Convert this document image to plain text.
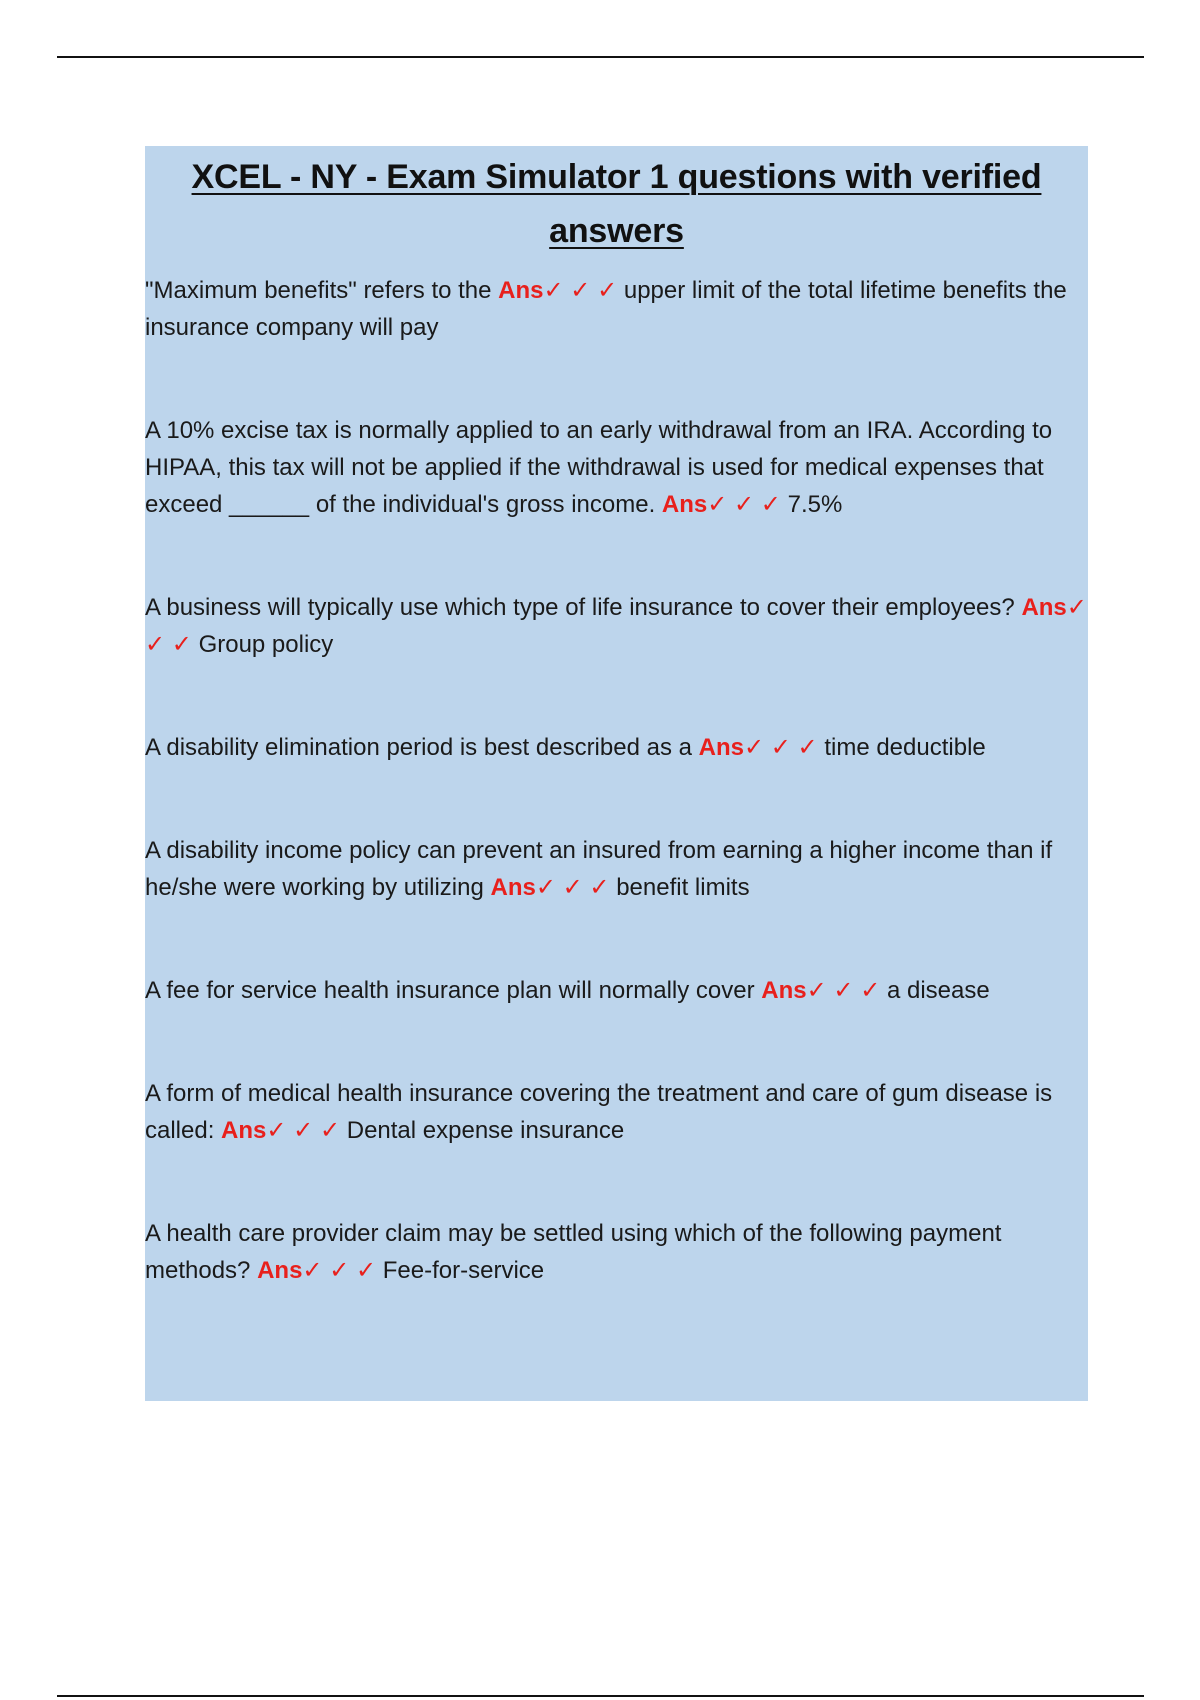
XCEL - NY - Exam Simulator 1 questions with verified answers
"Maximum benefits" refers to the Ans✓ ✓ ✓ upper limit of the total lifetime benefits the insurance company will pay
A 10% excise tax is normally applied to an early withdrawal from an IRA. According to HIPAA, this tax will not be applied if the withdrawal is used for medical expenses that exceed ______ of the individual's gross income. Ans✓ ✓ ✓ 7.5%
A business will typically use which type of life insurance to cover their employees? Ans✓ ✓ ✓ Group policy
A disability elimination period is best described as a Ans✓ ✓ ✓ time deductible
A disability income policy can prevent an insured from earning a higher income than if he/she were working by utilizing Ans✓ ✓ ✓ benefit limits
A fee for service health insurance plan will normally cover Ans✓ ✓ ✓ a disease
A form of medical health insurance covering the treatment and care of gum disease is called: Ans✓ ✓ ✓ Dental expense insurance
A health care provider claim may be settled using which of the following payment methods? Ans✓ ✓ ✓ Fee-for-service
